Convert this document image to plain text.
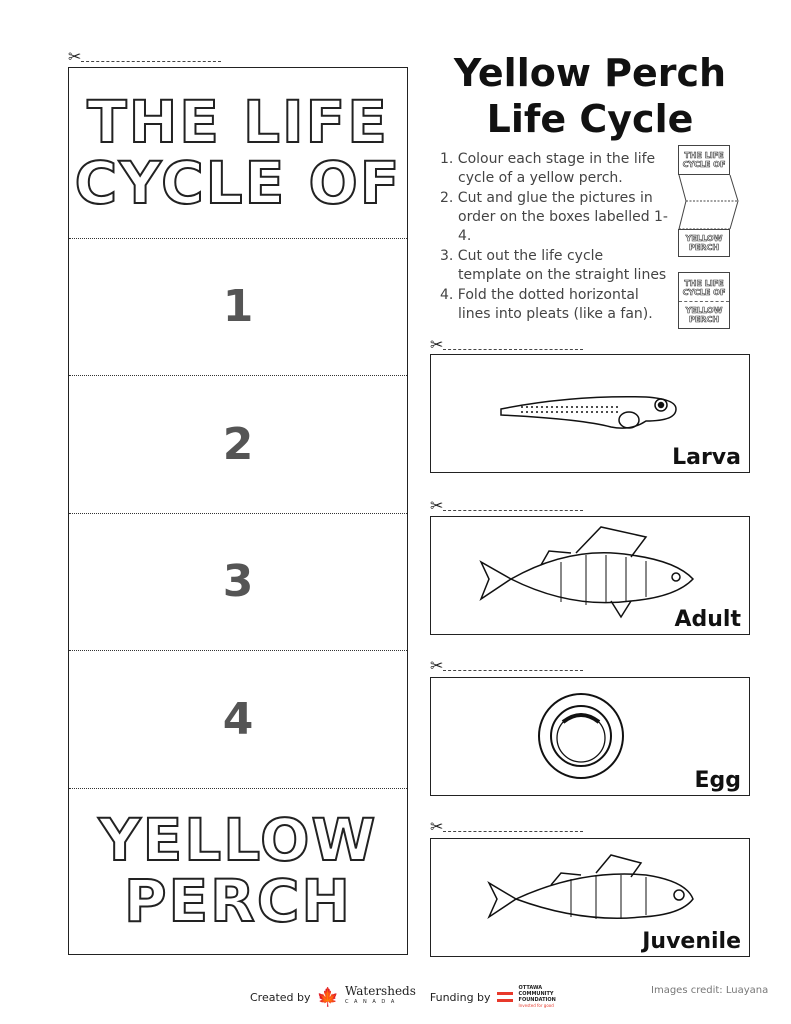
✂
THE LIFE
CYCLE OF
1
2
3
4
YELLOW
PERCH
Yellow Perch
Life Cycle
1. Colour each stage in the life cycle of a yellow perch.
2. Cut and glue the pictures in order on the boxes labelled 1-4.
3. Cut out the life cycle template on the straight lines
4. Fold the dotted horizontal lines into pleats (like a fan).
THE LIFE
CYCLE OF
YELLOW
PERCH
THE LIFE
CYCLE OF
YELLOW
PERCH
✂
Larva
✂
Adult
✂
Egg
✂
Juvenile
Created by 🍁 Watersheds
C A N A D A	Funding by
OTTAWA
COMMUNITY
FOUNDATION
Invested for good
Images credit: Luayana
